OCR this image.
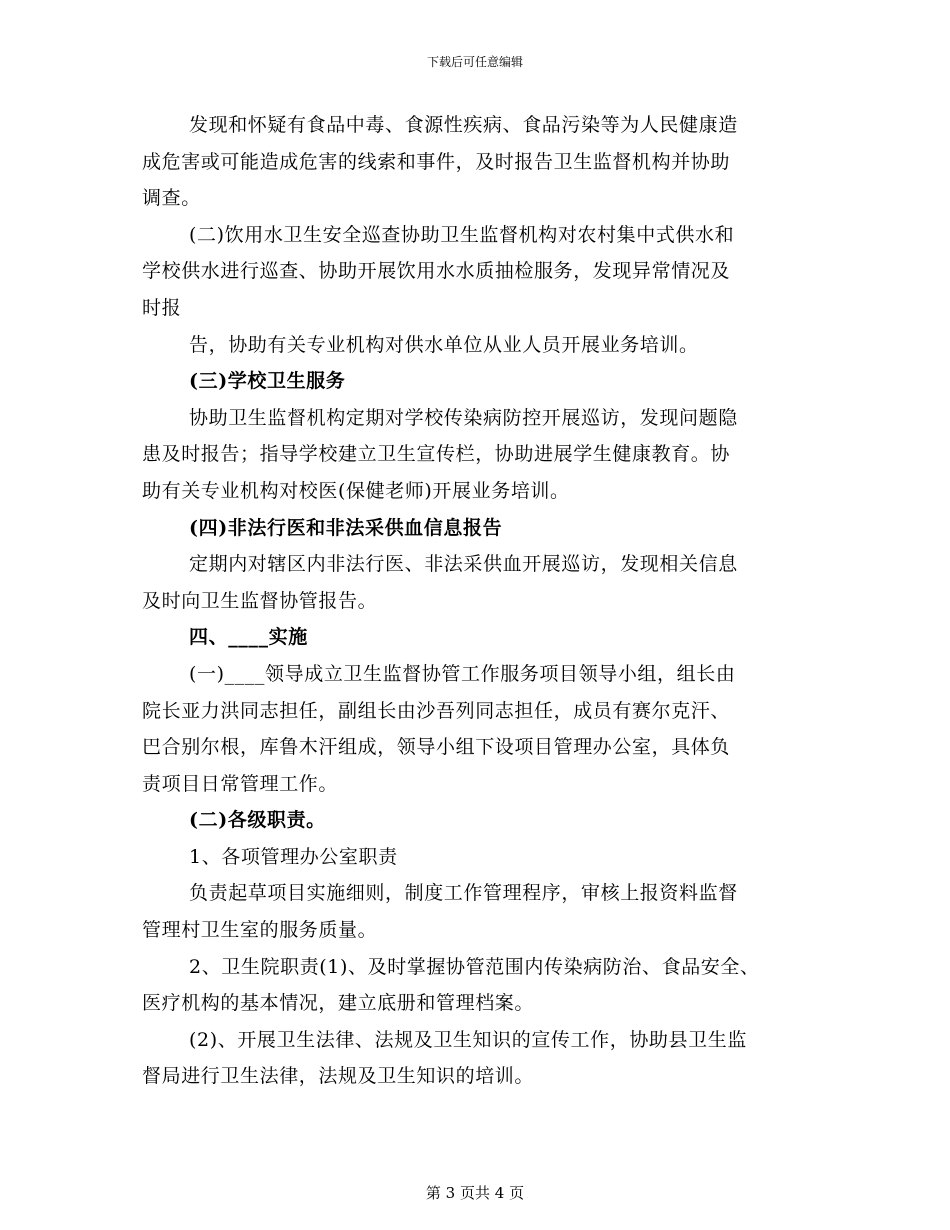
下载后可任意编辑
发现和怀疑有食品中毒、食源性疾病、食品污染等为人民健康造
成危害或可能造成危害的线索和事件，及时报告卫生监督机构并协助
调查。
(二)饮用水卫生安全巡查协助卫生监督机构对农村集中式供水和
学校供水进行巡查、协助开展饮用水水质抽检服务，发现异常情况及
时报
告，协助有关专业机构对供水单位从业人员开展业务培训。
(三)学校卫生服务
协助卫生监督机构定期对学校传染病防控开展巡访，发现问题隐
患及时报告；指导学校建立卫生宣传栏，协助进展学生健康教育。协
助有关专业机构对校医(保健老师)开展业务培训。
(四)非法行医和非法采供血信息报告
定期内对辖区内非法行医、非法采供血开展巡访，发现相关信息
及时向卫生监督协管报告。
四、____实施
(一)____领导成立卫生监督协管工作服务项目领导小组，组长由
院长亚力洪同志担任，副组长由沙吾列同志担任，成员有赛尔克汗、
巴合别尔根，库鲁木汗组成，领导小组下设项目管理办公室，具体负
责项目日常管理工作。
(二)各级职责。
1、各项管理办公室职责
负责起草项目实施细则，制度工作管理程序，审核上报资料监督
管理村卫生室的服务质量。
2、卫生院职责(1)、及时掌握协管范围内传染病防治、食品安全、
医疗机构的基本情况，建立底册和管理档案。
(2)、开展卫生法律、法规及卫生知识的宣传工作，协助县卫生监
督局进行卫生法律，法规及卫生知识的培训。
第 3 页共 4 页
